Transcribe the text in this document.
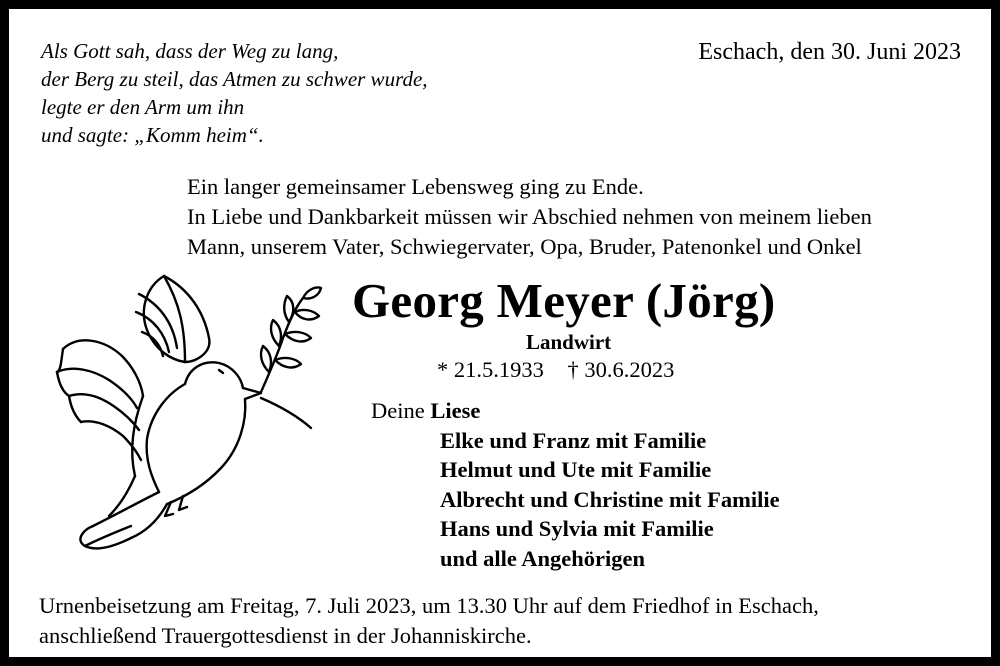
Als Gott sah, dass der Weg zu lang,
der Berg zu steil, das Atmen zu schwer wurde,
legte er den Arm um ihn
und sagte: „Komm heim“.
Eschach, den 30. Juni 2023
Ein langer gemeinsamer Lebensweg ging zu Ende.
In Liebe und Dankbarkeit müssen wir Abschied nehmen von meinem lieben
Mann, unserem Vater, Schwiegervater, Opa, Bruder, Patenonkel und Onkel
Georg Meyer (Jörg)
Landwirt
* 21.5.1933 † 30.6.2023
Deine Liese
Elke und Franz mit Familie
Helmut und Ute mit Familie
Albrecht und Christine mit Familie
Hans und Sylvia mit Familie
und alle Angehörigen
Urnenbeisetzung am Freitag, 7. Juli 2023, um 13.30 Uhr auf dem Friedhof in Eschach,
anschließend Trauergottesdienst in der Johanniskirche.
